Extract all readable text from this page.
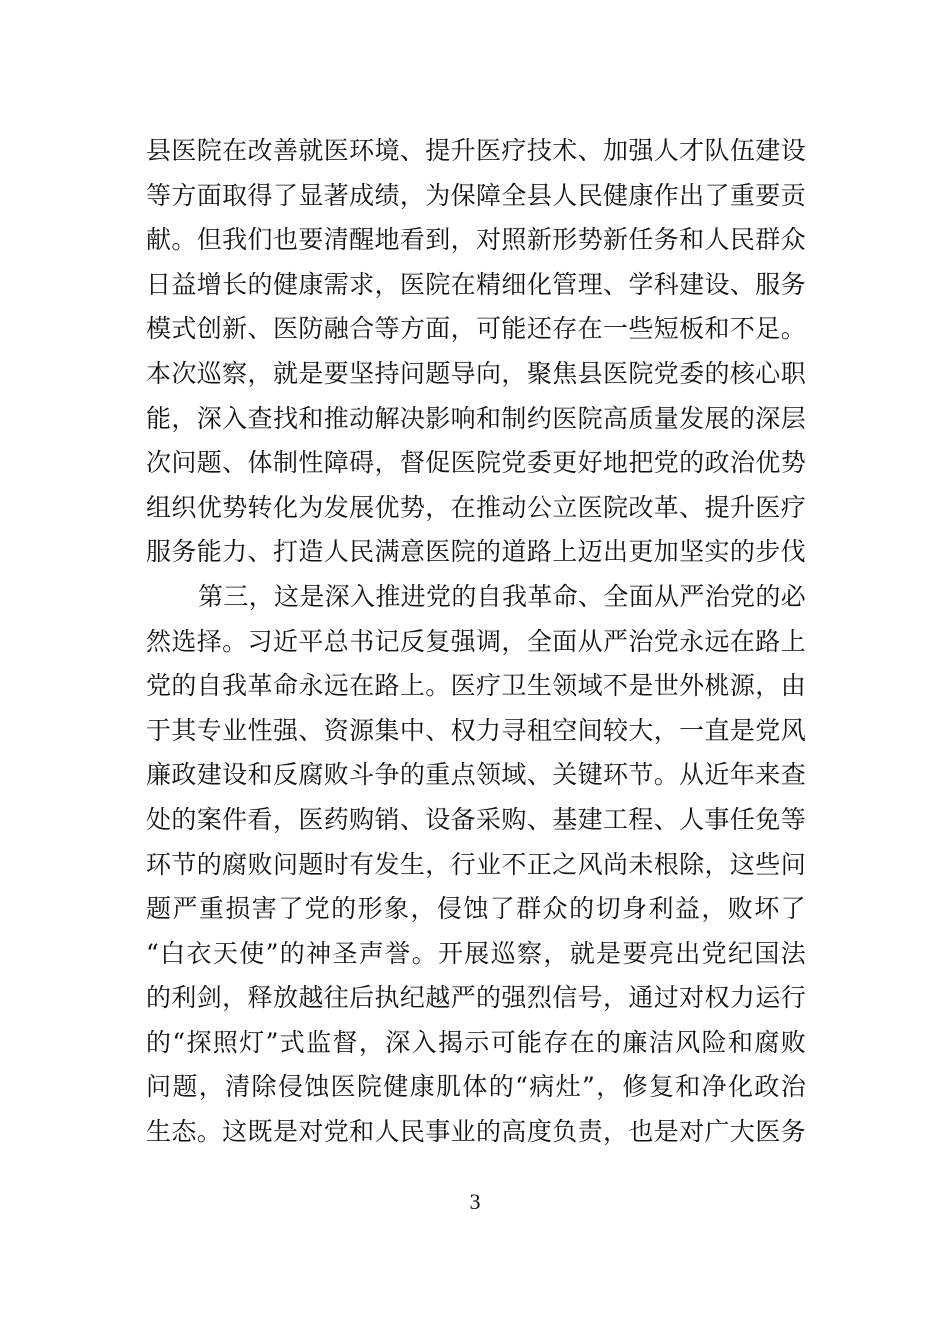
县医院在改善就医环境、提升医疗技术、加强人才队伍建设
等方面取得了显著成绩，为保障全县人民健康作出了重要贡
献。但我们也要清醒地看到，对照新形势新任务和人民群众
日益增长的健康需求，医院在精细化管理、学科建设、服务
模式创新、医防融合等方面，可能还存在一些短板和不足。
本次巡察，就是要坚持问题导向，聚焦县医院党委的核心职
能，深入查找和推动解决影响和制约医院高质量发展的深层
次问题、体制性障碍，督促医院党委更好地把党的政治优势
组织优势转化为发展优势，在推动公立医院改革、提升医疗
服务能力、打造人民满意医院的道路上迈出更加坚实的步伐
第三，这是深入推进党的自我革命、全面从严治党的必
然选择。习近平总书记反复强调，全面从严治党永远在路上
党的自我革命永远在路上。医疗卫生领域不是世外桃源，由
于其专业性强、资源集中、权力寻租空间较大，一直是党风
廉政建设和反腐败斗争的重点领域、关键环节。从近年来查
处的案件看，医药购销、设备采购、基建工程、人事任免等
环节的腐败问题时有发生，行业不正之风尚未根除，这些问
题严重损害了党的形象，侵蚀了群众的切身利益，败坏了
“白衣天使”的神圣声誉。开展巡察，就是要亮出党纪国法
的利剑，释放越往后执纪越严的强烈信号，通过对权力运行
的“探照灯”式监督，深入揭示可能存在的廉洁风险和腐败
问题，清除侵蚀医院健康肌体的“病灶”，修复和净化政治
生态。这既是对党和人民事业的高度负责，也是对广大医务
3
